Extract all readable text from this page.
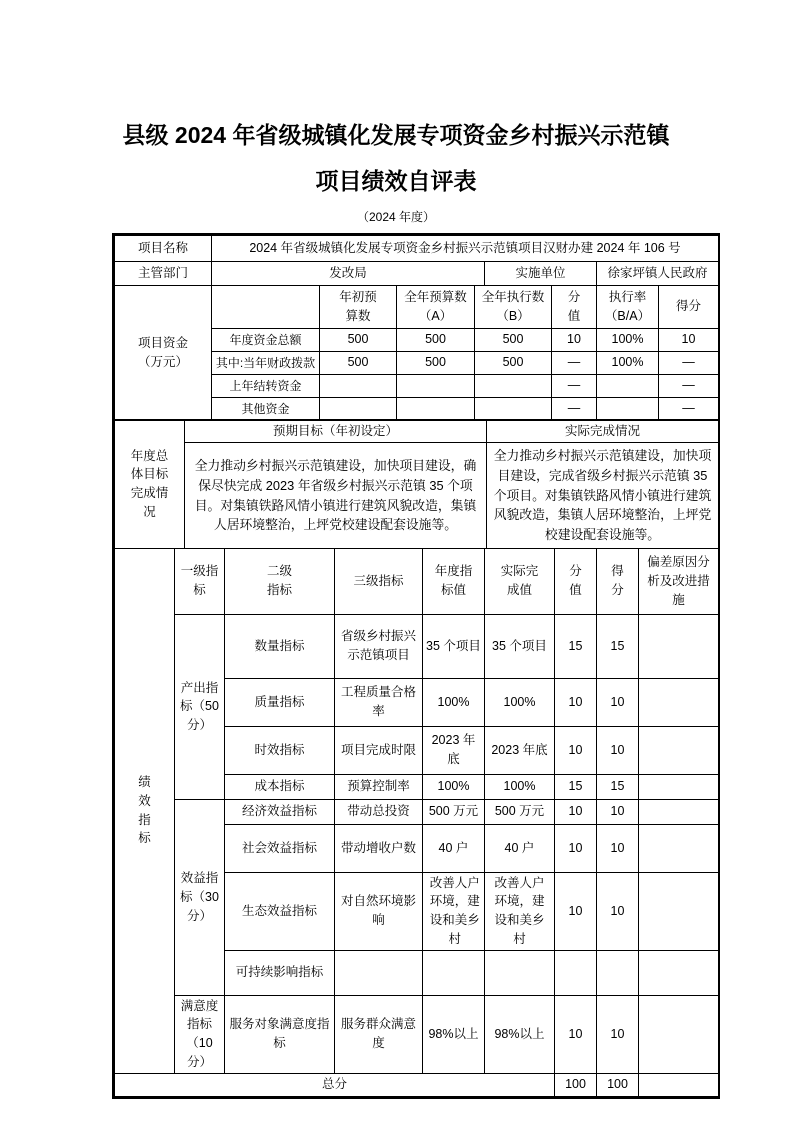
县级 2024 年省级城镇化发展专项资金乡村振兴示范镇
项目绩效自评表
（2024 年度）
项目名称	2024 年省级城镇化发展专项资金乡村振兴示范镇项目汉财办建 2024 年 106 号		
主管部门	发改局	实施单位	徐家坪镇人民政府
项目资金（万元）		年初预算数	全年预算数（A）	全年执行数（B）	分值	执行率（B/A）	得分
	年度资金总额	500	500	500	10	100%	10
	其中:当年财政拨款	500	500	500	—	100%	—
	上年结转资金				—		—
	其他资金				—		—
年度总体目标完成情况	预期目标（年初设定）	实际完成情况
	全力推动乡村振兴示范镇建设，加快项目建设，确保尽快完成 2023 年省级乡村振兴示范镇 35 个项目。对集镇铁路风情小镇进行建筑风貌改造，集镇人居环境整治，上坪党校建设配套设施等。	全力推动乡村振兴示范镇建设，加快项目建设，完成省级乡村振兴示范镇 35 个项目。对集镇铁路风情小镇进行建筑风貌改造，集镇人居环境整治，上坪党校建设配套设施等。
绩效指标	一级指标	二级指标	三级指标	年度指标值	实际完成值	分值	得分	偏差原因分析及改进措施
	产出指标（50 分）	数量指标	省级乡村振兴示范镇项目	35 个项目	35 个项目	15	15	
		质量指标	工程质量合格率	100%	100%	10	10	
		时效指标	项目完成时限	2023 年底	2023 年底	10	10	
		成本指标	预算控制率	100%	100%	15	15	
	效益指标（30 分）	经济效益指标	带动总投资	500 万元	500 万元	10	10	
		社会效益指标	带动增收户数	40 户	40 户	10	10	
		生态效益指标	对自然环境影响	改善人户环境，建设和美乡村	改善人户环境，建设和美乡村	10	10	
		可持续影响指标						
	满意度指标（10 分）	服务对象满意度指标	服务群众满意度	98%以上	98%以上	10	10	
总分						100	100	
